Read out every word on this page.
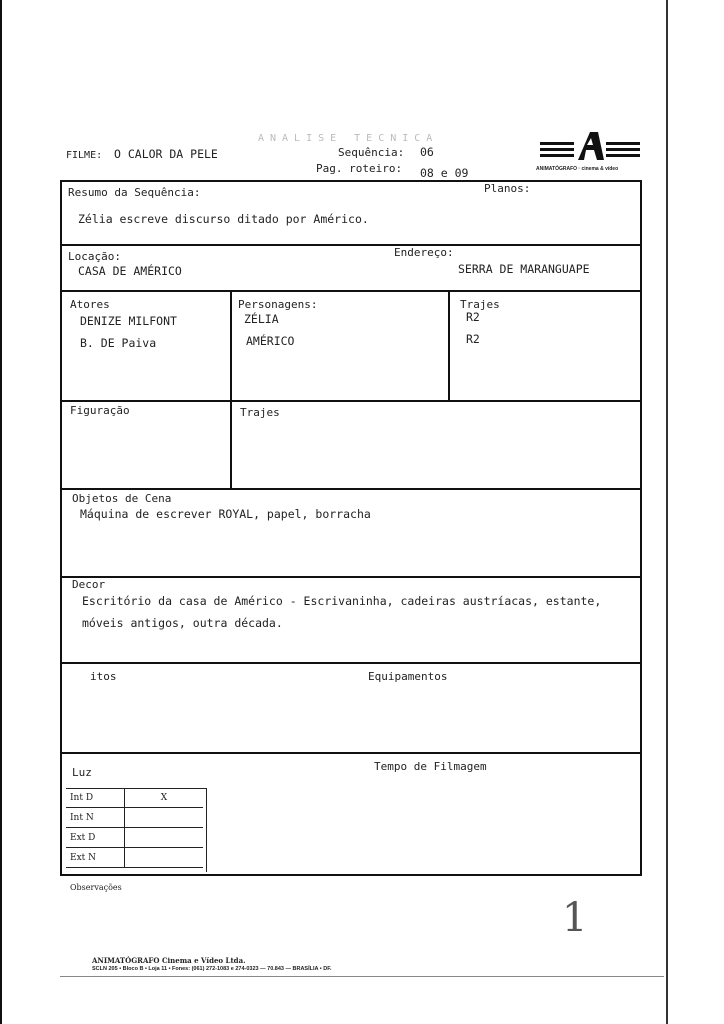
FILME: O CALOR DA PELE
ANALISE TECNICA
Sequência: 06
Pag. roteiro: 08 e 09	ANIMATÓGRAFO · cinema & vídeo
Resumo da Sequência:	Planos:
Zélia escreve discurso ditado por Américo.
Locação:
CASA DE AMÉRICO
Endereço:
SERRA DE MARANGUAPE
Atores	Personagens:	Trajes
DENIZE MILFONT	ZÉLIA	R2
B. DE Paiva	AMÉRICO	R2
Figuração	Trajes
Objetos de Cena
Máquina de escrever ROYAL, papel, borracha
Decor
Escritório da casa de Américo - Escrivaninha, cadeiras austríacas, estante,
móveis antigos, outra década.
itos	Equipamentos
Luz	Tempo de Filmagem
Int D	X
Int N	
Ext D	
Ext N	
Observações
1
ANIMATÓGRAFO Cinema e Vídeo Ltda.
SCLN 205 • Bloco B • Loja 11 • Fones: (061) 272-1083 e 274-0323 — 70.843 — BRASÍLIA • DF.
